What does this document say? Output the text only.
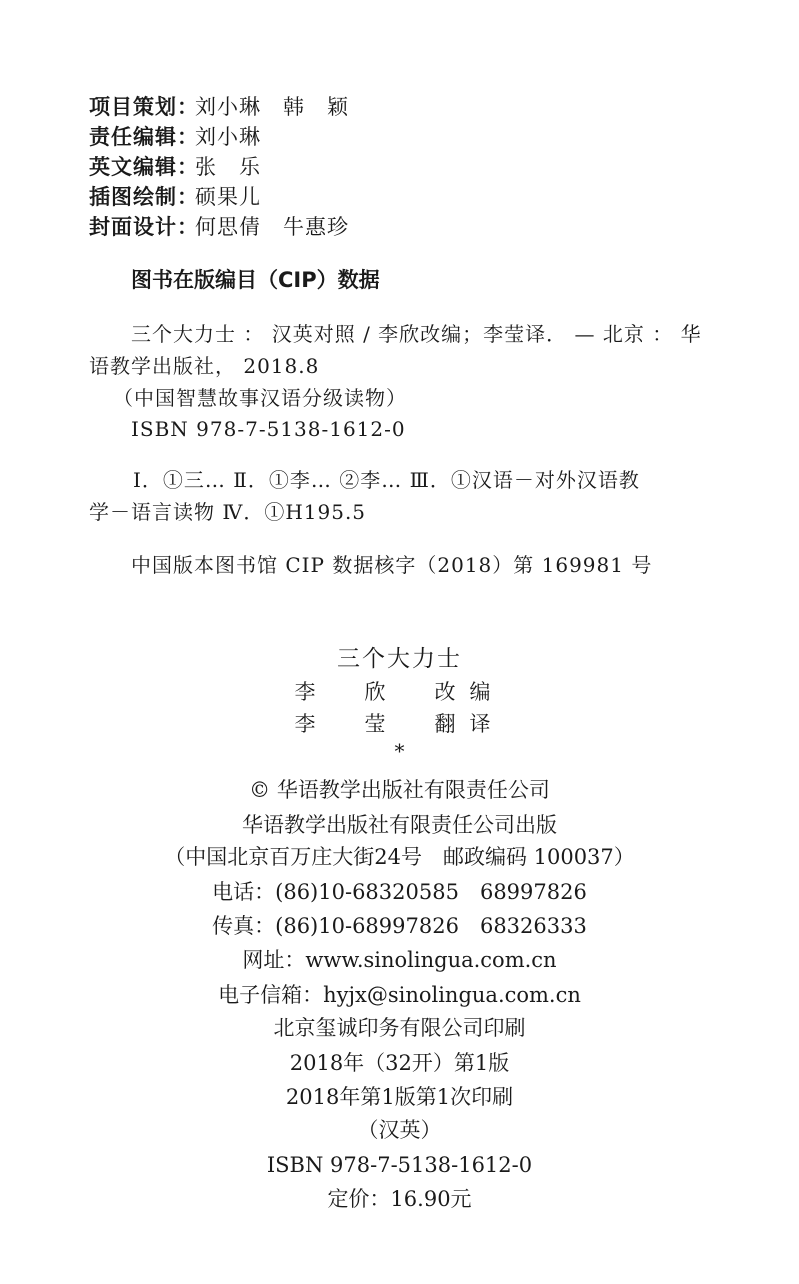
项目策划 ：
刘小琳　韩　颖
责任编辑 ：
刘小琳
英文编辑 ：
张　乐
插图绘制 ：
硕果儿
封面设计 ：
何思倩　牛惠珍
图书在版编目（CIP）数据
三个大力士 ： 汉英对照 / 李欣改编；李莹译． — 北京 ： 华
语教学出版社， 2018.8
（中国智慧故事汉语分级读物）
ISBN 978-7-5138-1612-0
Ⅰ．①三… Ⅱ．①李… ②李… Ⅲ．①汉语－对外汉语教
学－语言读物 Ⅳ．①H195.5
中国版本图书馆 CIP 数据核字（2018）第 169981 号
三个大力士
李　欣　改编
李　莹　翻译
*
© 华语教学出版社有限责任公司
华语教学出版社有限责任公司出版
（中国北京百万庄大街24号　邮政编码 100037）
电话：(86)10-68320585　68997826
传真：(86)10-68997826　68326333
网址：www.sinolingua.com.cn
电子信箱：hyjx@sinolingua.com.cn
北京玺诚印务有限公司印刷
2018年（32开）第1版
2018年第1版第1次印刷
（汉英）
ISBN 978-7-5138-1612-0
定价：16.90元
